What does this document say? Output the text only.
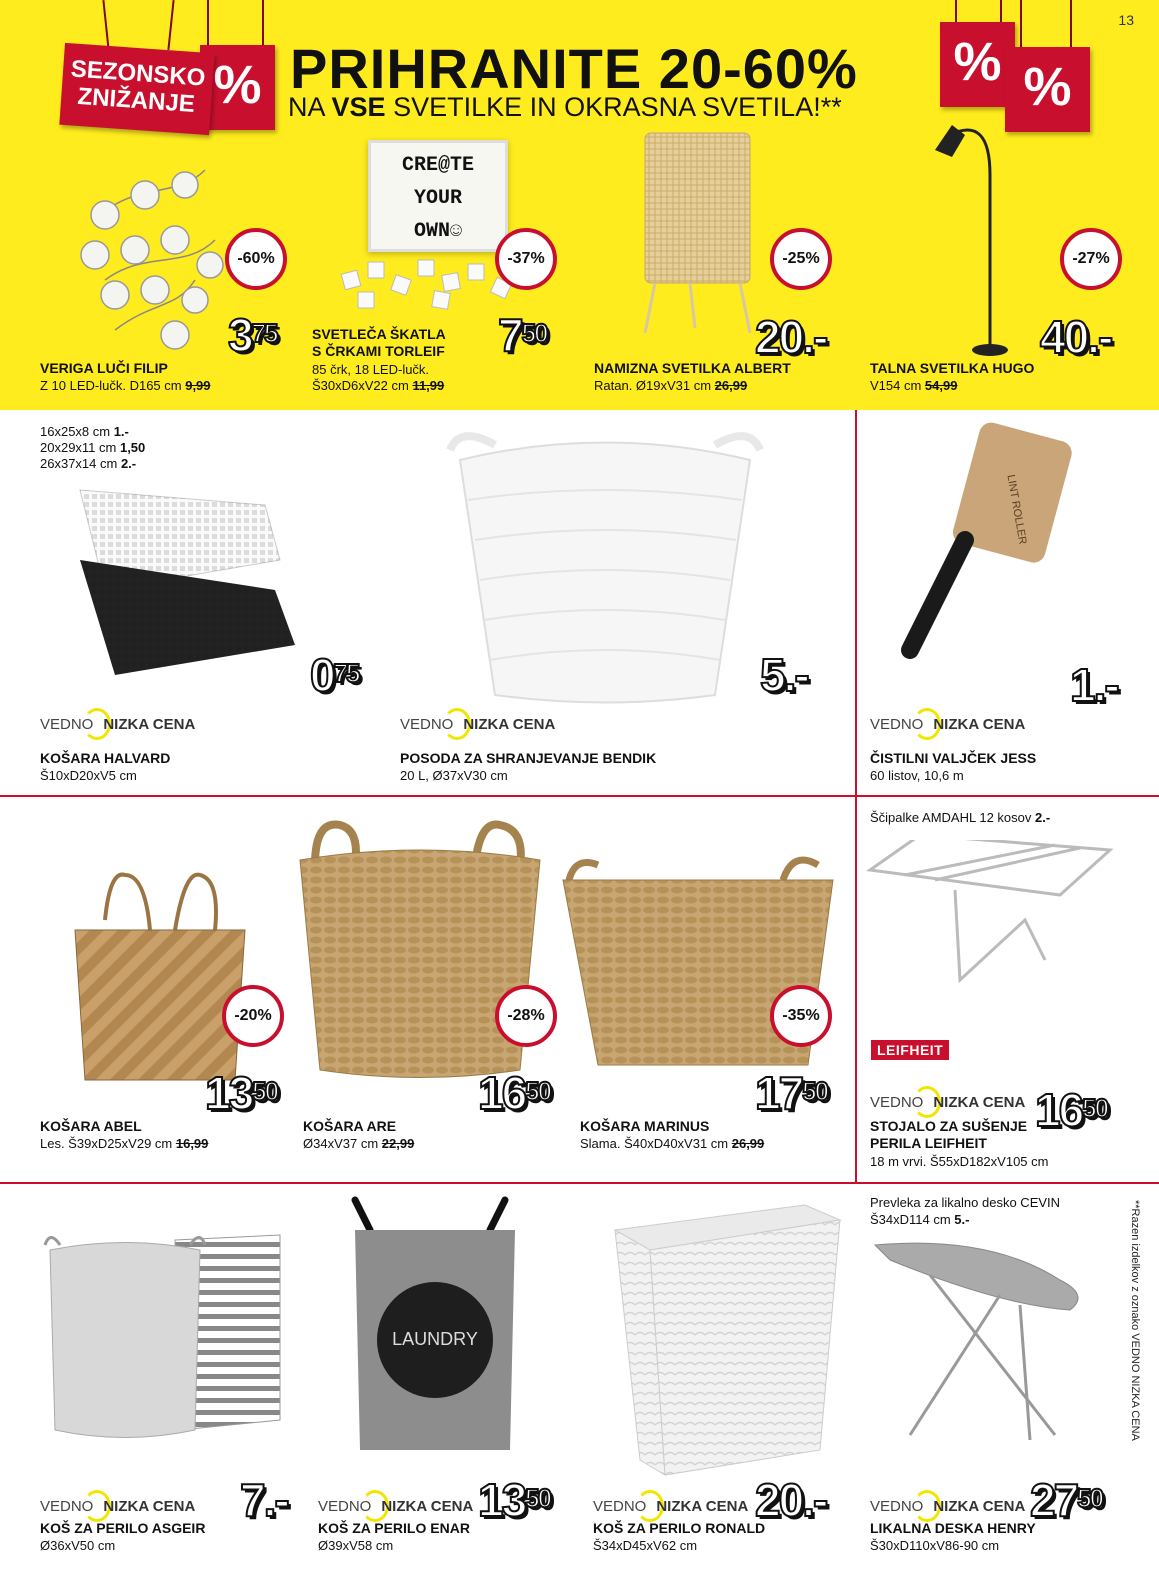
13
%
SEZONSKO
ZNIŽANJE
% %
PRIHRANITE 20-60%
NA VSE SVETILKE IN OKRASNA SVETILA!**
-60%
$3^{75}$
VERIGA LUČI FILIP
Z 10 LED-lučk. D165 cm 9,99
CRE@TE
YOUR
OWN☺
-37%
$7^{50}$
SVETLEČA ŠKATLA
S ČRKAMI TORLEIF
85 črk, 18 LED-lučk.
Š30xD6xV22 cm 11,99
-25%
20.-
NAMIZNA SVETILKA ALBERT
Ratan. Ø19xV31 cm 26,99
-27%
40.-
TALNA SVETILKA HUGO
V154 cm 54,99
16x25x8 cm 1.-
20x29x11 cm 1,50
26x37x14 cm 2.-
$0^{75}$
VEDNO NIZKA CENA
KOŠARA HALVARD
Š10xD20xV5 cm
5.-
VEDNO NIZKA CENA
POSODA ZA SHRANJEVANJE BENDIK
20 L, Ø37xV30 cm
LINT ROLLER
1.-
VEDNO NIZKA CENA
ČISTILNI VALJČEK JESS
60 listov, 10,6 m
-20%
$13^{50}$
KOŠARA ABEL
Les. Š39xD25xV29 cm 16,99
-28%
$16^{50}$
KOŠARA ARE
Ø34xV37 cm 22,99
-35%
$17^{50}$
KOŠARA MARINUS
Slama. Š40xD40xV31 cm 26,99
Ščipalke AMDAHL 12 kosov 2.-
LEIFHEIT
VEDNO NIZKA CENA $16^{50}$
STOJALO ZA SUŠENJE
PERILA LEIFHEIT
18 m vrvi. Š55xD182xV105 cm
7.-
VEDNO NIZKA CENA
KOŠ ZA PERILO ASGEIR
Ø36xV50 cm
LAUNDRY
$13^{50}$
VEDNO NIZKA CENA
KOŠ ZA PERILO ENAR
Ø39xV58 cm
20.-
VEDNO NIZKA CENA
KOŠ ZA PERILO RONALD
Š34xD45xV62 cm
Prevleka za likalno desko CEVIN
Š34xD114 cm 5.-
$27^{50}$
VEDNO NIZKA CENA
LIKALNA DESKA HENRY
Š30xD110xV86-90 cm
**Razen izdelkov z oznako VEDNO NIZKA CENA
